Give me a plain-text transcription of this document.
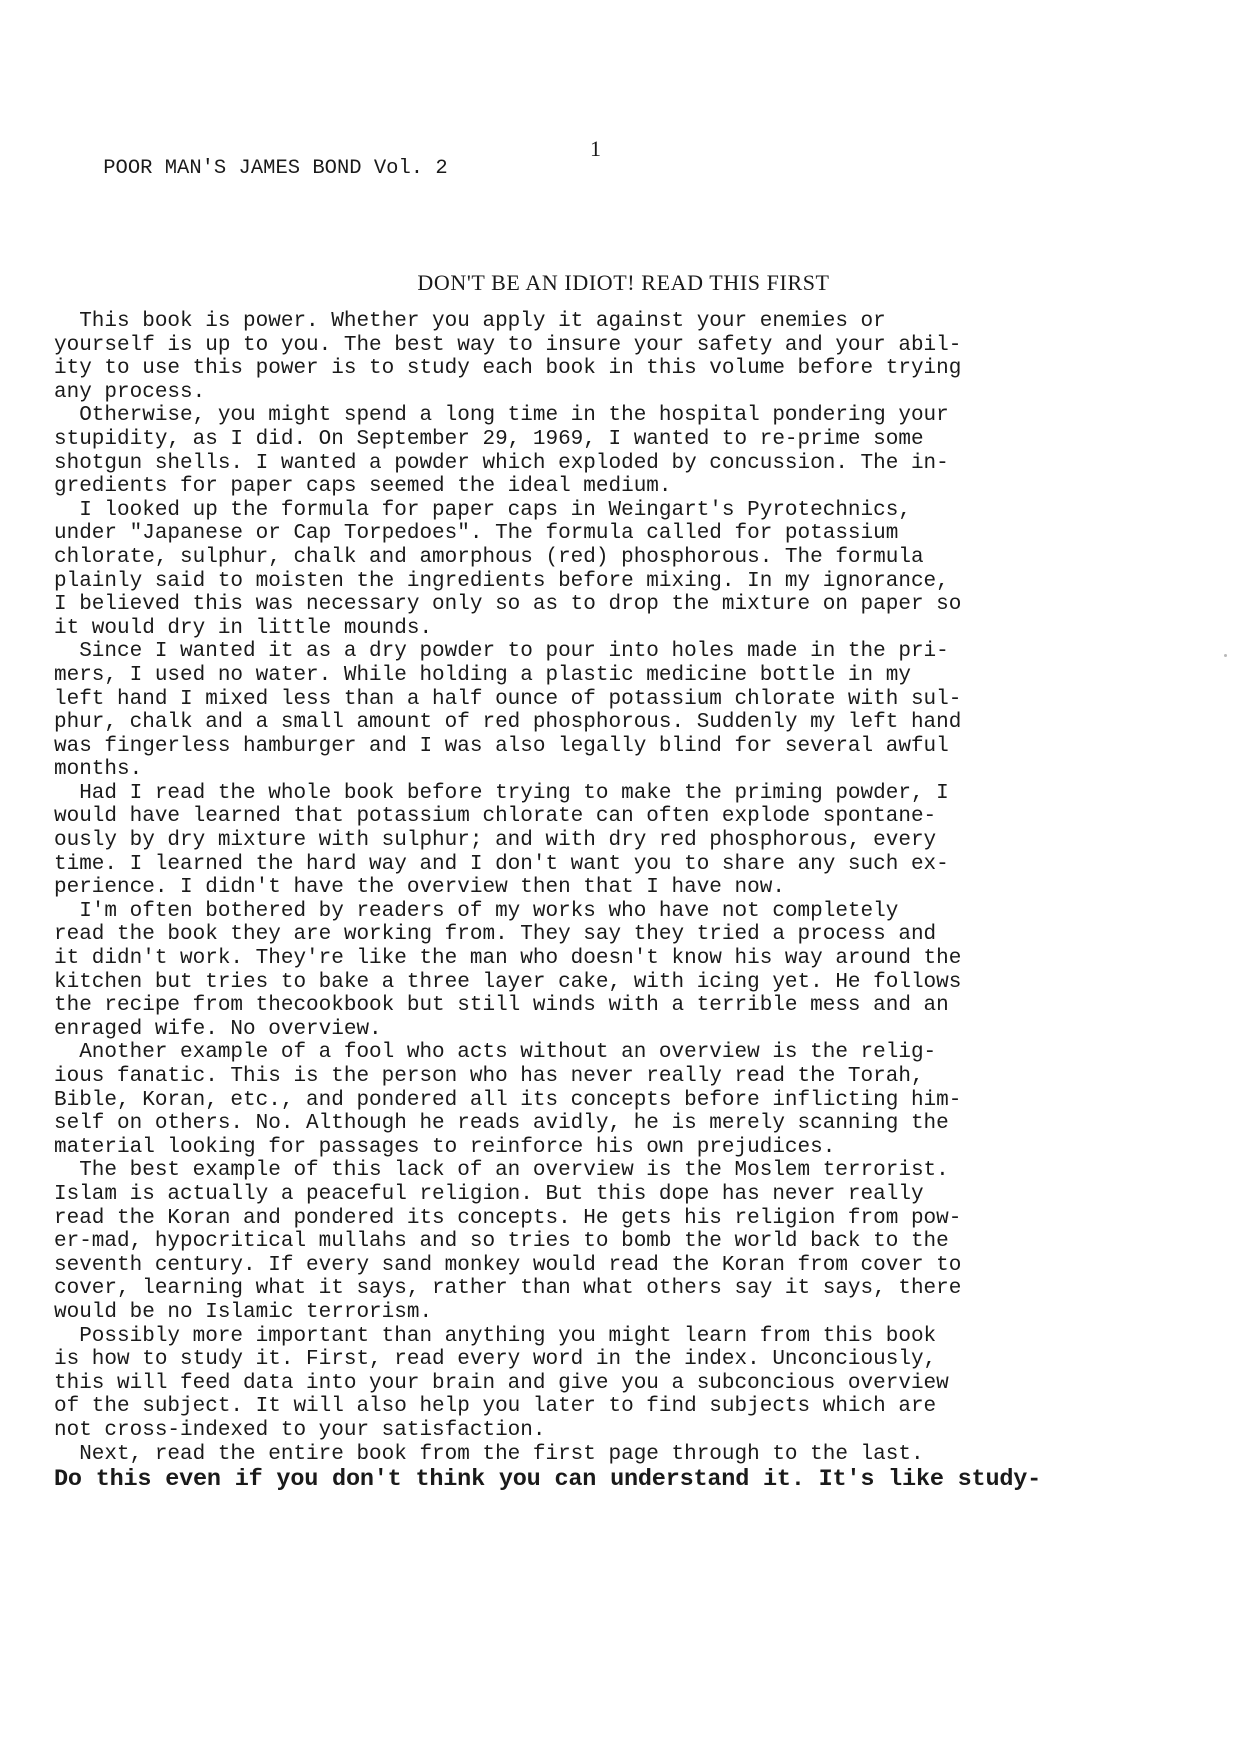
POOR MAN'S JAMES BOND Vol. 2

1

DON'T BE AN IDIOT! READ THIS FIRST
This book is power. Whether you apply it against your enemies or
yourself is up to you. The best way to insure your safety and your abil-
ity to use this power is to study each book in this volume before trying
any process.
Otherwise, you might spend a long time in the hospital pondering your
stupidity, as I did. On September 29, 1969, I wanted to re-prime some
shotgun shells. I wanted a powder which exploded by concussion. The in-
gredients for paper caps seemed the ideal medium.
I looked up the formula for paper caps in Weingart's Pyrotechnics,
under "Japanese or Cap Torpedoes". The formula called for potassium
chlorate, sulphur, chalk and amorphous (red) phosphorous. The formula
plainly said to moisten the ingredients before mixing. In my ignorance,
I believed this was necessary only so as to drop the mixture on paper so
it would dry in little mounds.
Since I wanted it as a dry powder to pour into holes made in the pri-
mers, I used no water. While holding a plastic medicine bottle in my
left hand I mixed less than a half ounce of potassium chlorate with sul-
phur, chalk and a small amount of red phosphorous. Suddenly my left hand
was fingerless hamburger and I was also legally blind for several awful
months.
Had I read the whole book before trying to make the priming powder, I
would have learned that potassium chlorate can often explode spontane-
ously by dry mixture with sulphur; and with dry red phosphorous, every
time. I learned the hard way and I don't want you to share any such ex-
perience. I didn't have the overview then that I have now.
I'm often bothered by readers of my works who have not completely
read the book they are working from. They say they tried a process and
it didn't work. They're like the man who doesn't know his way around the
kitchen but tries to bake a three layer cake, with icing yet. He follows
the recipe from thecookbook but still winds with a terrible mess and an
enraged wife. No overview.
Another example of a fool who acts without an overview is the relig-
ious fanatic. This is the person who has never really read the Torah,
Bible, Koran, etc., and pondered all its concepts before inflicting him-
self on others. No. Although he reads avidly, he is merely scanning the
material looking for passages to reinforce his own prejudices.
The best example of this lack of an overview is the Moslem terrorist.
Islam is actually a peaceful religion. But this dope has never really
read the Koran and pondered its concepts. He gets his religion from pow-
er-mad, hypocritical mullahs and so tries to bomb the world back to the
seventh century. If every sand monkey would read the Koran from cover to
cover, learning what it says, rather than what others say it says, there
would be no Islamic terrorism.
Possibly more important than anything you might learn from this book
is how to study it. First, read every word in the index. Unconciously,
this will feed data into your brain and give you a subconcious overview
of the subject. It will also help you later to find subjects which are
not cross-indexed to your satisfaction.
Next, read the entire book from the first page through to the last.
Do this even if you don't think you can understand it. It's like study-
